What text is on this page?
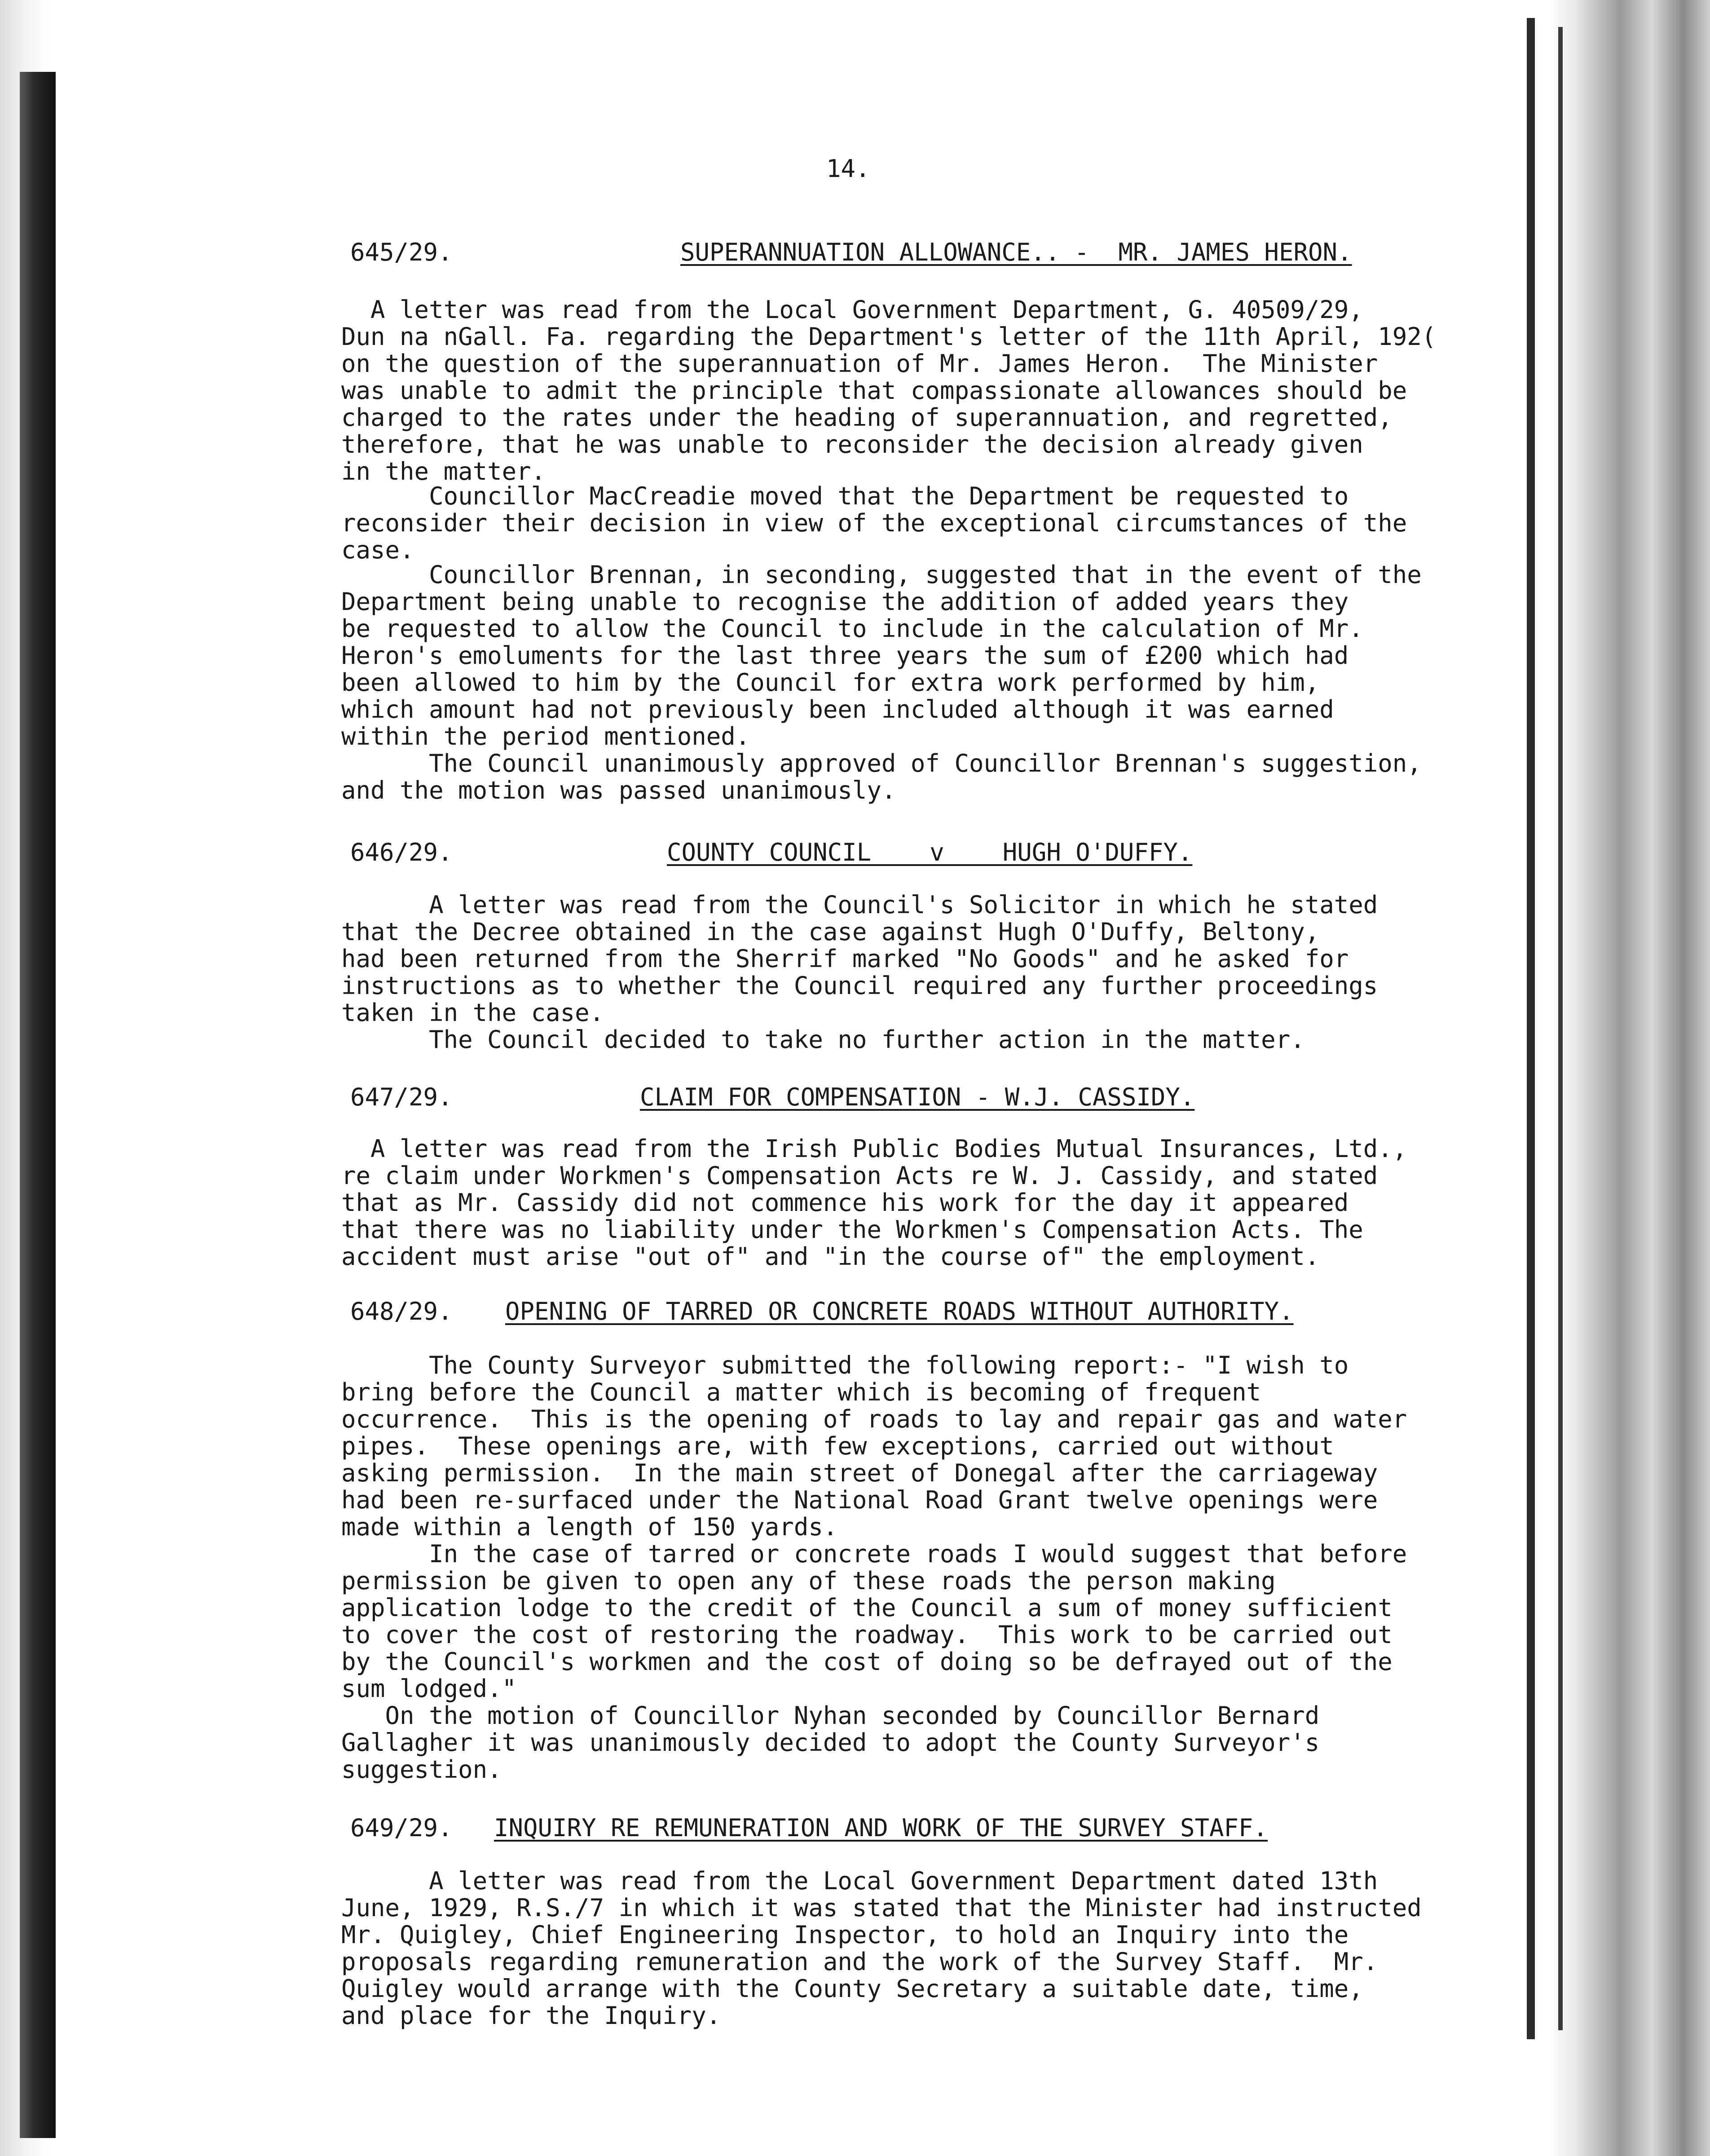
14.
645/29.	SUPERANNUATION ALLOWANCE.. -  MR. JAMES HERON.

A letter was read from the Local Government Department, G. 40509/29,
Dun na nGall. Fa. regarding the Department's letter of the 11th April, 192(
on the question of the superannuation of Mr. James Heron.  The Minister
was unable to admit the principle that compassionate allowances should be
charged to the rates under the heading of superannuation, and regretted,
therefore, that he was unable to reconsider the decision already given
in the matter.

Councillor MacCreadie moved that the Department be requested to
reconsider their decision in view of the exceptional circumstances of the
case.

Councillor Brennan, in seconding, suggested that in the event of the
Department being unable to recognise the addition of added years they
be requested to allow the Council to include in the calculation of Mr.
Heron's emoluments for the last three years the sum of £200 which had
been allowed to him by the Council for extra work performed by him,
which amount had not previously been included although it was earned
within the period mentioned.

The Council unanimously approved of Councillor Brennan's suggestion,
and the motion was passed unanimously.

646/29.	COUNTY COUNCIL    v    HUGH O'DUFFY.

A letter was read from the Council's Solicitor in which he stated
that the Decree obtained in the case against Hugh O'Duffy, Beltony,
had been returned from the Sherrif marked "No Goods" and he asked for
instructions as to whether the Council required any further proceedings
taken in the case.

The Council decided to take no further action in the matter.

647/29.	CLAIM FOR COMPENSATION - W.J. CASSIDY.

A letter was read from the Irish Public Bodies Mutual Insurances, Ltd.,
re claim under Workmen's Compensation Acts re W. J. Cassidy, and stated
that as Mr. Cassidy did not commence his work for the day it appeared
that there was no liability under the Workmen's Compensation Acts. The
accident must arise "out of" and "in the course of" the employment.

648/29. OPENING OF TARRED OR CONCRETE ROADS WITHOUT AUTHORITY.

The County Surveyor submitted the following report:- "I wish to
bring before the Council a matter which is becoming of frequent
occurrence.  This is the opening of roads to lay and repair gas and water
pipes.  These openings are, with few exceptions, carried out without
asking permission.  In the main street of Donegal after the carriageway
had been re-surfaced under the National Road Grant twelve openings were
made within a length of 150 yards.

In the case of tarred or concrete roads I would suggest that before
permission be given to open any of these roads the person making
application lodge to the credit of the Council a sum of money sufficient
to cover the cost of restoring the roadway.  This work to be carried out
by the Council's workmen and the cost of doing so be defrayed out of the
sum lodged."

On the motion of Councillor Nyhan seconded by Councillor Bernard
Gallagher it was unanimously decided to adopt the County Surveyor's
suggestion.

649/29. INQUIRY RE REMUNERATION AND WORK OF THE SURVEY STAFF.

A letter was read from the Local Government Department dated 13th
June, 1929, R.S./7 in which it was stated that the Minister had instructed
Mr. Quigley, Chief Engineering Inspector, to hold an Inquiry into the
proposals regarding remuneration and the work of the Survey Staff.  Mr.
Quigley would arrange with the County Secretary a suitable date, time,
and place for the Inquiry.
